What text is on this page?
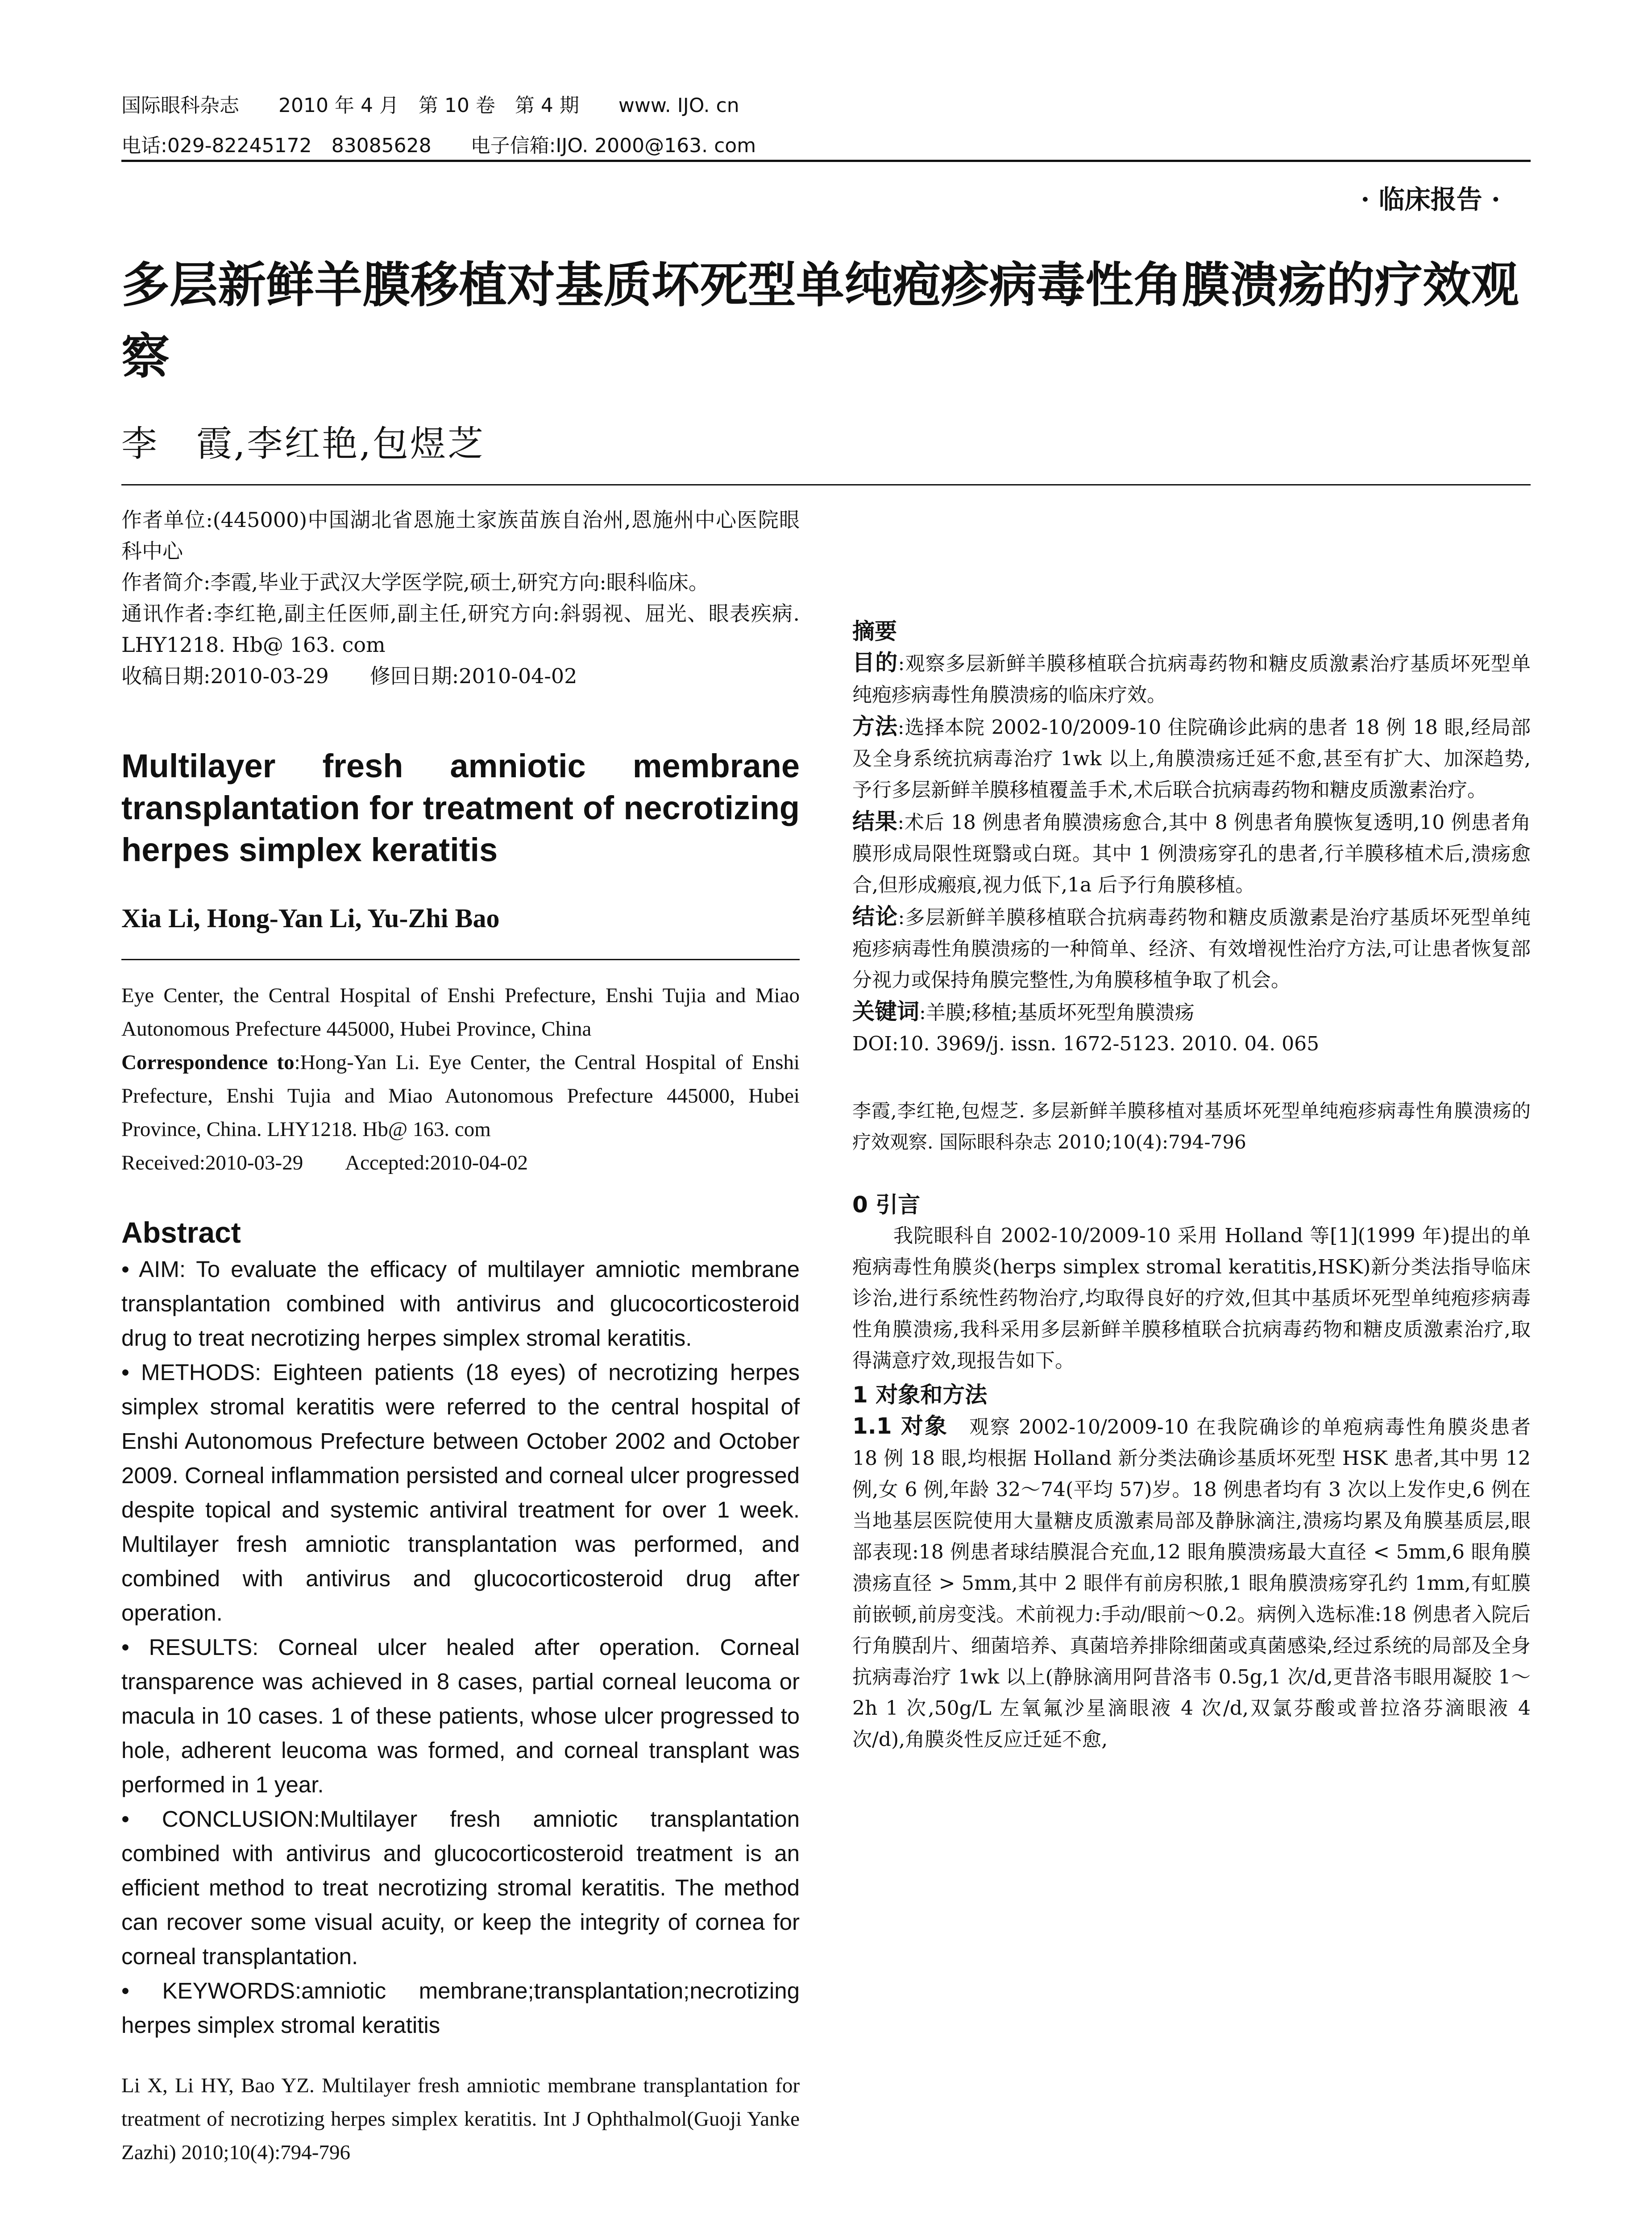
国际眼科杂志　　2010 年 4 月　第 10 卷　第 4 期　　www. IJO. cn
电话:029-82245172　83085628　　电子信箱:IJO. 2000@163. com
· 临床报告 ·
多层新鲜羊膜移植对基质坏死型单纯疱疹病毒性角膜溃疡的疗效观察
李　霞,李红艳,包煜芝

作者单位:(445000)中国湖北省恩施土家族苗族自治州,恩施州中心医院眼科中心

作者简介:李霞,毕业于武汉大学医学院,硕士,研究方向:眼科临床。

通讯作者:李红艳,副主任医师,副主任,研究方向:斜弱视、屈光、眼表疾病. LHY1218. Hb@ 163. com

收稿日期:2010-03-29　　修回日期:2010-04-02

Multilayer fresh amniotic membrane transplantation for treatment of necrotizing herpes simplex keratitis
Xia Li, Hong-Yan Li, Yu-Zhi Bao

Eye Center, the Central Hospital of Enshi Prefecture, Enshi Tujia and Miao Autonomous Prefecture 445000, Hubei Province, China

Correspondence to:Hong-Yan Li. Eye Center, the Central Hospital of Enshi Prefecture, Enshi Tujia and Miao Autonomous Prefecture 445000, Hubei Province, China. LHY1218. Hb@ 163. com

Received:2010-03-29　　Accepted:2010-04-02

Abstract

• AIM: To evaluate the efficacy of multilayer amniotic membrane transplantation combined with antivirus and glucocorticosteroid drug to treat necrotizing herpes simplex stromal keratitis.

• METHODS: Eighteen patients (18 eyes) of necrotizing herpes simplex stromal keratitis were referred to the central hospital of Enshi Autonomous Prefecture between October 2002 and October 2009. Corneal inflammation persisted and corneal ulcer progressed despite topical and systemic antiviral treatment for over 1 week. Multilayer fresh amniotic transplantation was performed, and combined with antivirus and glucocorticosteroid drug after operation.

• RESULTS: Corneal ulcer healed after operation. Corneal transparence was achieved in 8 cases, partial corneal leucoma or macula in 10 cases. 1 of these patients, whose ulcer progressed to hole, adherent leucoma was formed, and corneal transplant was performed in 1 year.

• CONCLUSION:Multilayer fresh amniotic transplantation combined with antivirus and glucocorticosteroid treatment is an efficient method to treat necrotizing stromal keratitis. The method can recover some visual acuity, or keep the integrity of cornea for corneal transplantation.

• KEYWORDS:amniotic membrane;transplantation;necrotizing herpes simplex stromal keratitis

Li X, Li HY, Bao YZ. Multilayer fresh amniotic membrane transplantation for treatment of necrotizing herpes simplex keratitis. Int J Ophthalmol(Guoji Yanke Zazhi) 2010;10(4):794-796
摘要

目的:观察多层新鲜羊膜移植联合抗病毒药物和糖皮质激素治疗基质坏死型单纯疱疹病毒性角膜溃疡的临床疗效。

方法:选择本院 2002-10/2009-10 住院确诊此病的患者 18 例 18 眼,经局部及全身系统抗病毒治疗 1wk 以上,角膜溃疡迁延不愈,甚至有扩大、加深趋势,予行多层新鲜羊膜移植覆盖手术,术后联合抗病毒药物和糖皮质激素治疗。

结果:术后 18 例患者角膜溃疡愈合,其中 8 例患者角膜恢复透明,10 例患者角膜形成局限性斑翳或白斑。其中 1 例溃疡穿孔的患者,行羊膜移植术后,溃疡愈合,但形成瘢痕,视力低下,1a 后予行角膜移植。

结论:多层新鲜羊膜移植联合抗病毒药物和糖皮质激素是治疗基质坏死型单纯疱疹病毒性角膜溃疡的一种简单、经济、有效增视性治疗方法,可让患者恢复部分视力或保持角膜完整性,为角膜移植争取了机会。

关键词:羊膜;移植;基质坏死型角膜溃疡

DOI:10. 3969/j. issn. 1672-5123. 2010. 04. 065

李霞,李红艳,包煜芝. 多层新鲜羊膜移植对基质坏死型单纯疱疹病毒性角膜溃疡的疗效观察. 国际眼科杂志 2010;10(4):794-796
0 引言
我院眼科自 2002-10/2009-10 采用 Holland 等[1](1999 年)提出的单疱病毒性角膜炎(herps simplex stromal keratitis,HSK)新分类法指导临床诊治,进行系统性药物治疗,均取得良好的疗效,但其中基质坏死型单纯疱疹病毒性角膜溃疡,我科采用多层新鲜羊膜移植联合抗病毒药物和糖皮质激素治疗,取得满意疗效,现报告如下。
1 对象和方法
1.1 对象　观察 2002-10/2009-10 在我院确诊的单疱病毒性角膜炎患者 18 例 18 眼,均根据 Holland 新分类法确诊基质坏死型 HSK 患者,其中男 12 例,女 6 例,年龄 32～74(平均 57)岁。18 例患者均有 3 次以上发作史,6 例在当地基层医院使用大量糖皮质激素局部及静脉滴注,溃疡均累及角膜基质层,眼部表现:18 例患者球结膜混合充血,12 眼角膜溃疡最大直径 < 5mm,6 眼角膜溃疡直径 > 5mm,其中 2 眼伴有前房积脓,1 眼角膜溃疡穿孔约 1mm,有虹膜前嵌顿,前房变浅。术前视力:手动/眼前～0.2。病例入选标准:18 例患者入院后行角膜刮片、细菌培养、真菌培养排除细菌或真菌感染,经过系统的局部及全身抗病毒治疗 1wk 以上(静脉滴用阿昔洛韦 0.5g,1 次/d,更昔洛韦眼用凝胶 1～2h 1 次,50g/L 左氧氟沙星滴眼液 4 次/d,双氯芬酸或普拉洛芬滴眼液 4 次/d),角膜炎性反应迁延不愈,
